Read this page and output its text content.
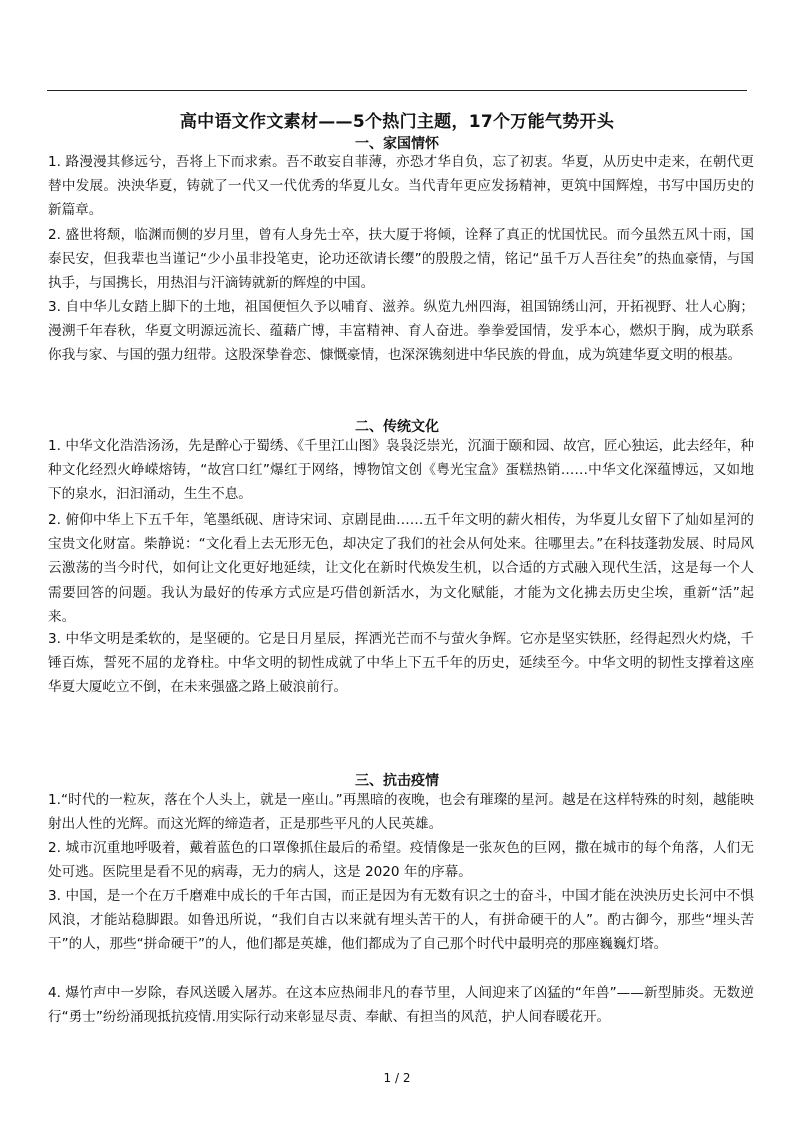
高中语文作文素材——5个热门主题，17个万能气势开头
一、家国情怀
1. 路漫漫其修远兮，吾将上下而求索。吾不敢妄自菲薄，亦恐才华自负，忘了初衷。华夏，从历史中走来，在朝代更替中发展。泱泱华夏，铸就了一代又一代优秀的华夏儿女。当代青年更应发扬精神，更筑中国辉煌，书写中国历史的新篇章。
2. 盛世将颓，临渊而侧的岁月里，曾有人身先士卒，扶大厦于将倾，诠释了真正的忧国忧民。而今虽然五风十雨，国泰民安，但我辈也当谨记“少小虽非投笔吏，论功还欲请长缨”的殷殷之情，铭记“虽千万人吾往矣”的热血豪情，与国执手，与国携长，用热泪与汗滴铸就新的辉煌的中国。
3. 自中华儿女踏上脚下的土地，祖国便恒久予以哺育、滋养。纵览九州四海，祖国锦绣山河，开拓视野、壮人心胸；漫溯千年春秋，华夏文明源远流长、蕴藉广博，丰富精神、育人奋进。拳拳爱国情，发乎本心，燃炽于胸，成为联系你我与家、与国的强力纽带。这股深挚眷恋、慷慨豪情，也深深镌刻进中华民族的骨血，成为筑建华夏文明的根基。
二、传统文化
1. 中华文化浩浩汤汤，先是醉心于蜀绣、《千里江山图》袅袅泛崇光，沉湎于颐和园、故宫，匠心独运，此去经年，种种文化经烈火峥嵘熔铸，“故宫口红”爆红于网络，博物馆文创《粤光宝盒》蛋糕热销……中华文化深蕴博远，又如地下的泉水，汩汩涌动，生生不息。
2. 俯仰中华上下五千年，笔墨纸砚、唐诗宋词、京剧昆曲……五千年文明的薪火相传，为华夏儿女留下了灿如星河的宝贵文化财富。柴静说：“文化看上去无形无色，却决定了我们的社会从何处来。往哪里去。”在科技蓬勃发展、时局风云激荡的当今时代，如何让文化更好地延续，让文化在新时代焕发生机，以合适的方式融入现代生活，这是每一个人需要回答的问题。我认为最好的传承方式应是巧借创新活水，为文化赋能，才能为文化拂去历史尘埃，重新“活”起来。
3. 中华文明是柔软的，是坚硬的。它是日月星辰，挥洒光芒而不与萤火争辉。它亦是坚实铁胚，经得起烈火灼烧，千锤百炼，誓死不屈的龙脊柱。中华文明的韧性成就了中华上下五千年的历史，延续至今。中华文明的韧性支撑着这座华夏大厦屹立不倒，在未来强盛之路上破浪前行。
三、抗击疫情
1.“时代的一粒灰，落在个人头上，就是一座山。”再黑暗的夜晚，也会有璀璨的星河。越是在这样特殊的时刻，越能映射出人性的光辉。而这光辉的缔造者，正是那些平凡的人民英雄。
2. 城市沉重地呼吸着，戴着蓝色的口罩像抓住最后的希望。疫情像是一张灰色的巨网，撒在城市的每个角落，人们无处可逃。医院里是看不见的病毒，无力的病人，这是 2020 年的序幕。
3. 中国，是一个在万千磨难中成长的千年古国，而正是因为有无数有识之士的奋斗，中国才能在泱泱历史长河中不惧风浪，才能站稳脚跟。如鲁迅所说，“我们自古以来就有埋头苦干的人，有拼命硬干的人”。酌古御今，那些“埋头苦干”的人，那些“拼命硬干”的人，他们都是英雄，他们都成为了自己那个时代中最明亮的那座巍巍灯塔。
4. 爆竹声中一岁除，春风送暖入屠苏。在这本应热闹非凡的春节里，人间迎来了凶猛的“年兽”——新型肺炎。无数逆行“勇士”纷纷涌现抵抗疫情.用实际行动来彰显尽责、奉献、有担当的风范，护人间春暖花开。
1 / 2
